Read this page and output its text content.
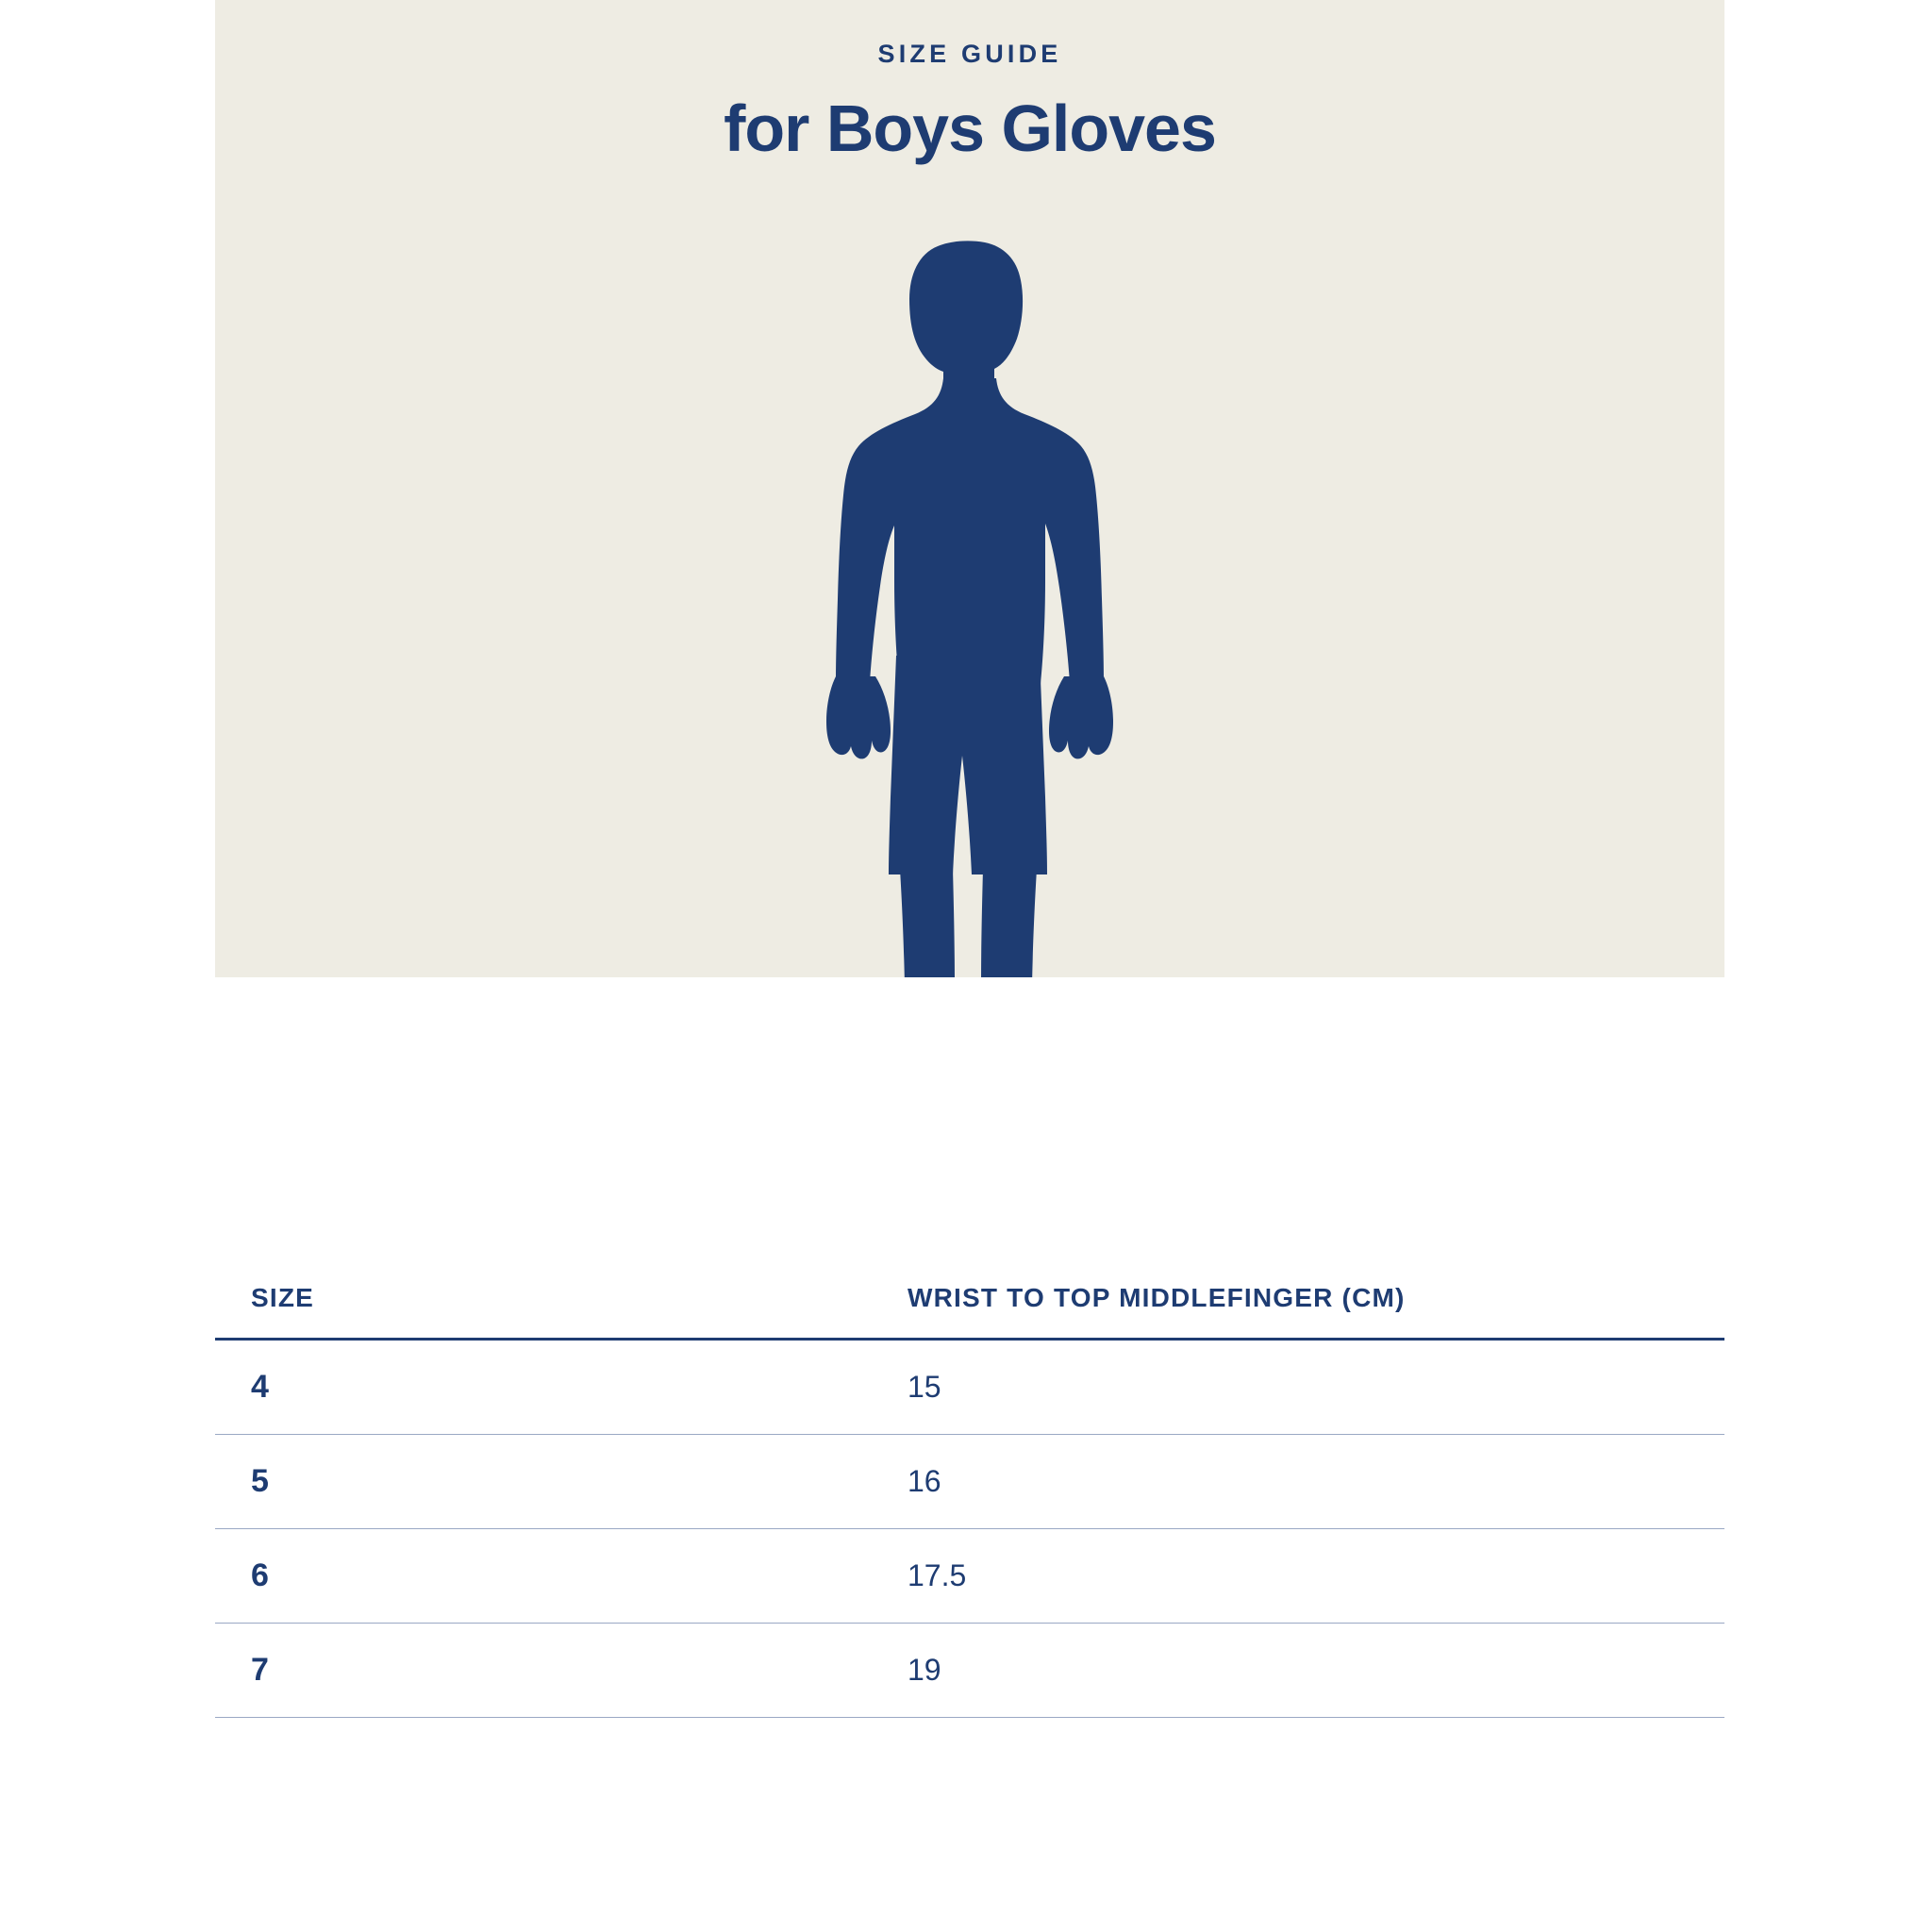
SIZE GUIDE
for Boys Gloves
SIZE	WRIST TO TOP MIDDLEFINGER (CM)
4	15
5	16
6	17.5
7	19
